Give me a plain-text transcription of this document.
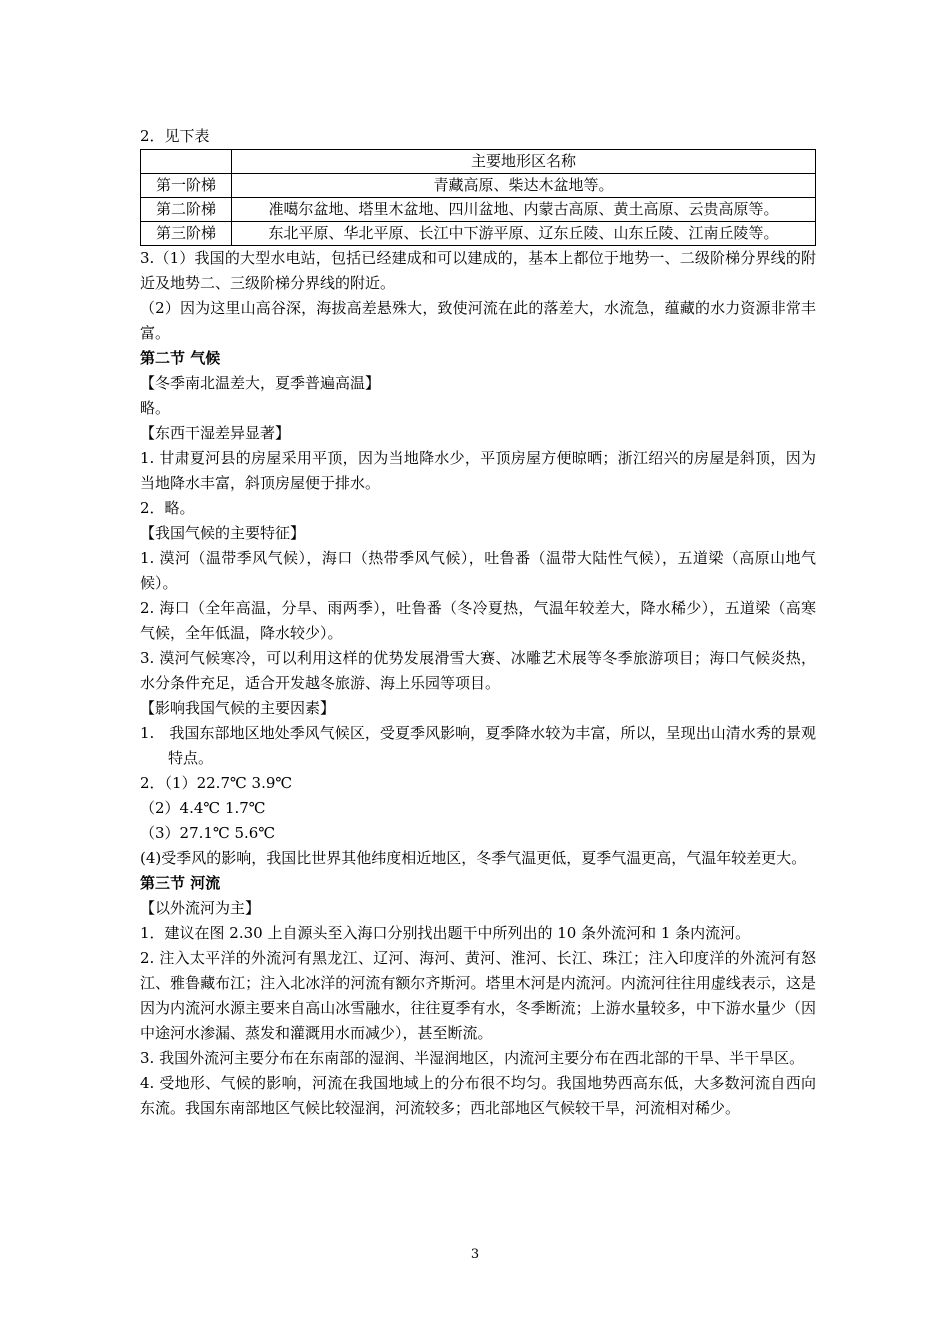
2．见下表

	主要地形区名称
第一阶梯	青藏高原、柴达木盆地等。
第二阶梯	准噶尔盆地、塔里木盆地、四川盆地、内蒙古高原、黄土高原、云贵高原等。
第三阶梯	东北平原、华北平原、长江中下游平原、辽东丘陵、山东丘陵、江南丘陵等。

3.（1）我国的大型水电站，包括已经建成和可以建成的，基本上都位于地势一、二级阶梯分界线的附近及地势二、三级阶梯分界线的附近。

（2）因为这里山高谷深，海拔高差悬殊大，致使河流在此的落差大，水流急，蕴藏的水力资源非常丰富。

第二节 气候

【冬季南北温差大，夏季普遍高温】

略。

【东西干湿差异显著】

1. 甘肃夏河县的房屋采用平顶，因为当地降水少，平顶房屋方便晾晒；浙江绍兴的房屋是斜顶，因为当地降水丰富，斜顶房屋便于排水。

2．略。

【我国气候的主要特征】

1. 漠河（温带季风气候），海口（热带季风气候），吐鲁番（温带大陆性气候），五道梁（高原山地气候）。

2. 海口（全年高温，分旱、雨两季），吐鲁番（冬冷夏热，气温年较差大，降水稀少），五道梁（高寒气候，全年低温，降水较少）。

3. 漠河气候寒冷，可以利用这样的优势发展滑雪大赛、冰雕艺术展等冬季旅游项目；海口气候炎热，水分条件充足，适合开发越冬旅游、海上乐园等项目。

【影响我国气候的主要因素】

1.　我国东部地区地处季风气候区，受夏季风影响，夏季降水较为丰富，所以，呈现出山清水秀的景观特点。

2．（1）22.7℃ 3.9℃

（2）4.4℃ 1.7℃

（3）27.1℃ 5.6℃

(4)受季风的影响，我国比世界其他纬度相近地区，冬季气温更低，夏季气温更高，气温年较差更大。

第三节 河流

【以外流河为主】

1．建议在图 2.30 上自源头至入海口分别找出题干中所列出的 10 条外流河和 1 条内流河。

2. 注入太平洋的外流河有黑龙江、辽河、海河、黄河、淮河、长江、珠江；注入印度洋的外流河有怒江、雅鲁藏布江；注入北冰洋的河流有额尔齐斯河。塔里木河是内流河。内流河往往用虚线表示，这是因为内流河水源主要来自高山冰雪融水，往往夏季有水，冬季断流；上游水量较多，中下游水量少（因中途河水渗漏、蒸发和灌溉用水而减少），甚至断流。

3. 我国外流河主要分布在东南部的湿润、半湿润地区，内流河主要分布在西北部的干旱、半干旱区。

4. 受地形、气候的影响，河流在我国地域上的分布很不均匀。我国地势西高东低，大多数河流自西向东流。我国东南部地区气候比较湿润，河流较多；西北部地区气候较干旱，河流相对稀少。

3
